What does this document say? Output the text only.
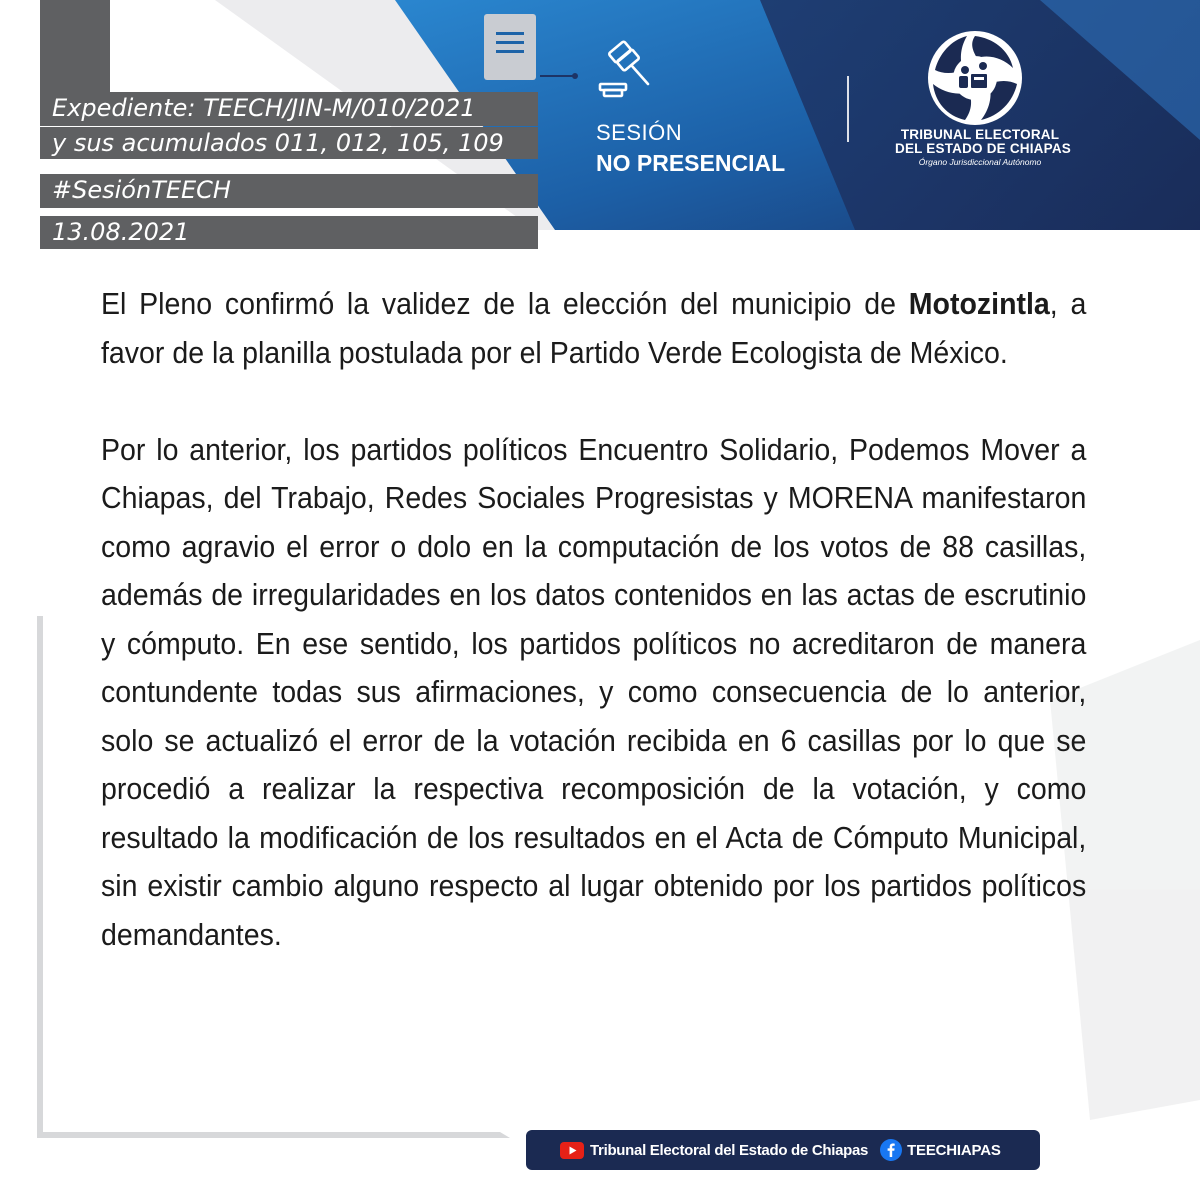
Expediente: TEECH/JIN-M/010/2021
y sus acumulados 011, 012, 105, 109
#SesiónTEECH
13.08.2021
SESIÓN
NO PRESENCIAL
TRIBUNAL ELECTORAL
DEL ESTADO DE CHIAPAS
Órgano Jurisdiccional Autónomo

El Pleno confirmó la validez de la elección del municipio de Motozintla, a favor de la planilla postulada por el Partido Verde Ecologista de México.

Por lo anterior, los partidos políticos Encuentro Solidario, Podemos Mover a Chiapas, del Trabajo, Redes Sociales Progresistas y MORENA manifestaron como agravio el error o dolo en la computación de los votos de 88 casillas, además de irregularidades en los datos contenidos en las actas de escrutinio y cómputo. En ese sentido, los partidos políticos no acreditaron de manera contundente todas sus afirmaciones, y como consecuencia de lo anterior, solo se actualizó el error de la votación recibida en 6 casillas por lo que se procedió a realizar la respectiva recomposición de la votación, y como resultado la modificación de los resultados en el Acta de Cómputo Municipal, sin existir cambio alguno respecto al lugar obtenido por los partidos políticos demandantes.

Tribunal Electoral del Estado de Chiapas	TEECHIAPAS
